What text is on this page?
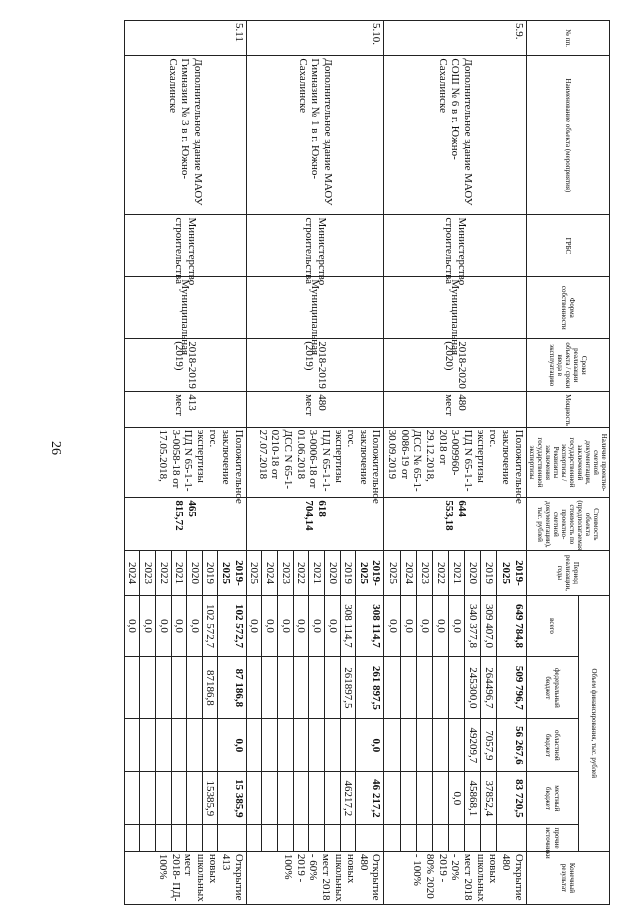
26
№ пп.	Наименование объекта (мероприятия)	ГРБС	Форма собственности	Сроки реализации объекта / сроки ввода в эксплуатацию	Мощность	Наличие проектно-сметной документации, заключений государственной экспертизы / Реквизиты заключения государственной экспертизы	Стоимость объекта (предполагаемая стоимость по проектно-сметной документации), тыс. рублей	Период реализации, годы	Объем финансирования, тыс. рублей					Конечный результат
									всего	федеральный бюджет	областной бюджет	местный бюджет	прочие источники	
5.9.	Дополнительное здание МАОУ СОШ № 6 в г. Южно-Сахалинске	Министерство строительства	Муниципальная	2018-2020 (2020)	480 мест	Положительное заключение гос. экспертизы ПД N 65-1-1-3-009960-2018 от 29.12.2018, ДСС № 65-1-0086-19 от 30.09.2019	644 553,18	2019-2025	649 784,8	509 796,7	56 267,6	83 720,5		Открытие 480 новых школьных мест 2018 - 20% 2019 - 80% 2020 - 100%
								2019	309 407,0	264496,7	7057,9	37852,4		
								2020	340 377,8	245300,0	49209,7	45868,1		
								2021	0,0			0,0		
								2022	0,0					
								2023	0,0					
								2024	0,0					
								2025	0,0					
5.10.	Дополнительное здание МАОУ Гимназии № 1 в г. Южно-Сахалинске	Министерство строительства	Муниципальная	2018-2019 (2019)	480 мест	Положительное заключение гос. экспертизы ПД N 65-1-1-3-0006-18 от 01.06.2018 ДСС N 65-1-0210-18 от 27.07.2018	618 704,14	2019-2025	308 114,7	261 897,5	0,0	46 217,2		Открытие 480 новых школьных мест 2018 - 60% 2019 - 100%
								2019	308 114,7	261897,5		46217,2		
								2020	0,0					
								2021	0,0					
								2022	0,0					
								2023	0,0					
								2024	0,0					
								2025	0,0					
5.11	Дополнительное здание МАОУ Гимназии № 3 в г. Южно-Сахалинске	Министерство строительства	Муниципальная	2018-2019 (2019)	413 мест	Положительное заключение гос. экспертизы ПД N 65-1-1-3-0058-18 от 17.05.2018,	465 815,72	2019-2025	102 572,7	87 186,8	0,0	15 385,9		Открытие 413 новых школьных мест 2018- ПД- 100%
								2019	102 572,7	87186,8		15385,9		
								2020	0,0					
								2021	0,0					
								2022	0,0					
								2023	0,0					
								2024	0,0					
